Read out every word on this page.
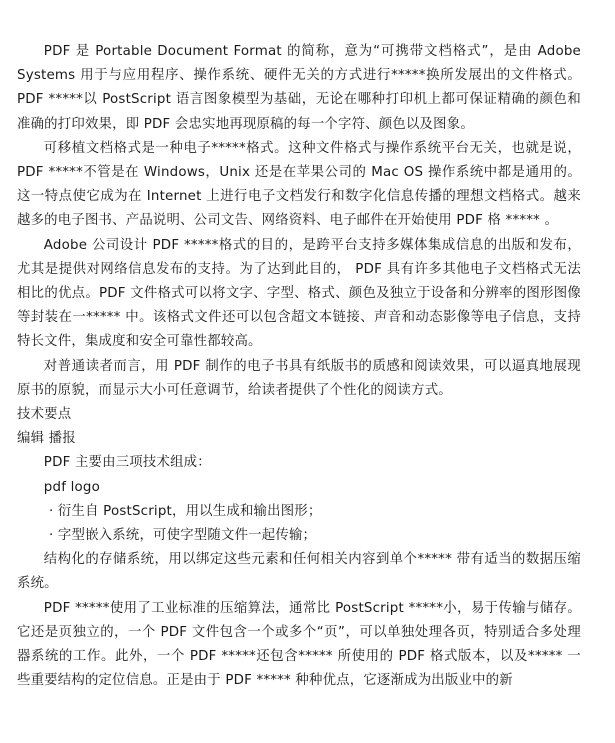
PDF 是 Portable Document Format 的简称，意为“可携带文档格式”，是由 Adobe Systems 用于与应用程序、操作系统、硬件无关的方式进行*****换所发展出的文件格式。PDF *****以 PostScript 语言图象模型为基础，无论在哪种打印机上都可保证精确的颜色和准确的打印效果，即 PDF 会忠实地再现原稿的每一个字符、颜色以及图象。

可移植文档格式是一种电子*****格式。这种文件格式与操作系统平台无关，也就是说，PDF *****不管是在 Windows，Unix 还是在苹果公司的 Mac OS 操作系统中都是通用的。这一特点使它成为在 Internet 上进行电子文档发行和数字化信息传播的理想文档格式。越来越多的电子图书、产品说明、公司文告、网络资料、电子邮件在开始使用 PDF 格 ***** 。

Adobe 公司设计 PDF *****格式的目的，是跨平台支持多媒体集成信息的出版和发布，尤其是提供对网络信息发布的支持。为了达到此目的， PDF 具有许多其他电子文档格式无法相比的优点。PDF 文件格式可以将文字、字型、格式、颜色及独立于设备和分辨率的图形图像等封装在一***** 中。该格式文件还可以包含超文本链接、声音和动态影像等电子信息，支持特长文件，集成度和安全可靠性都较高。

对普通读者而言，用 PDF 制作的电子书具有纸版书的质感和阅读效果，可以逼真地展现原书的原貌，而显示大小可任意调节，给读者提供了个性化的阅读方式。

技术要点

编辑 播报

PDF 主要由三项技术组成：

pdf logo

· 衍生自 PostScript，用以生成和输出图形；

· 字型嵌入系统，可使字型随文件一起传输；

结构化的存储系统，用以绑定这些元素和任何相关内容到单个***** 带有适当的数据压缩系统。

PDF *****使用了工业标准的压缩算法，通常比 PostScript *****小，易于传输与储存。它还是页独立的，一个 PDF 文件包含一个或多个“页”，可以单独处理各页，特别适合多处理器系统的工作。此外，一个 PDF *****还包含***** 所使用的 PDF 格式版本，以及***** 一些重要结构的定位信息。正是由于 PDF ***** 种种优点，它逐渐成为出版业中的新
